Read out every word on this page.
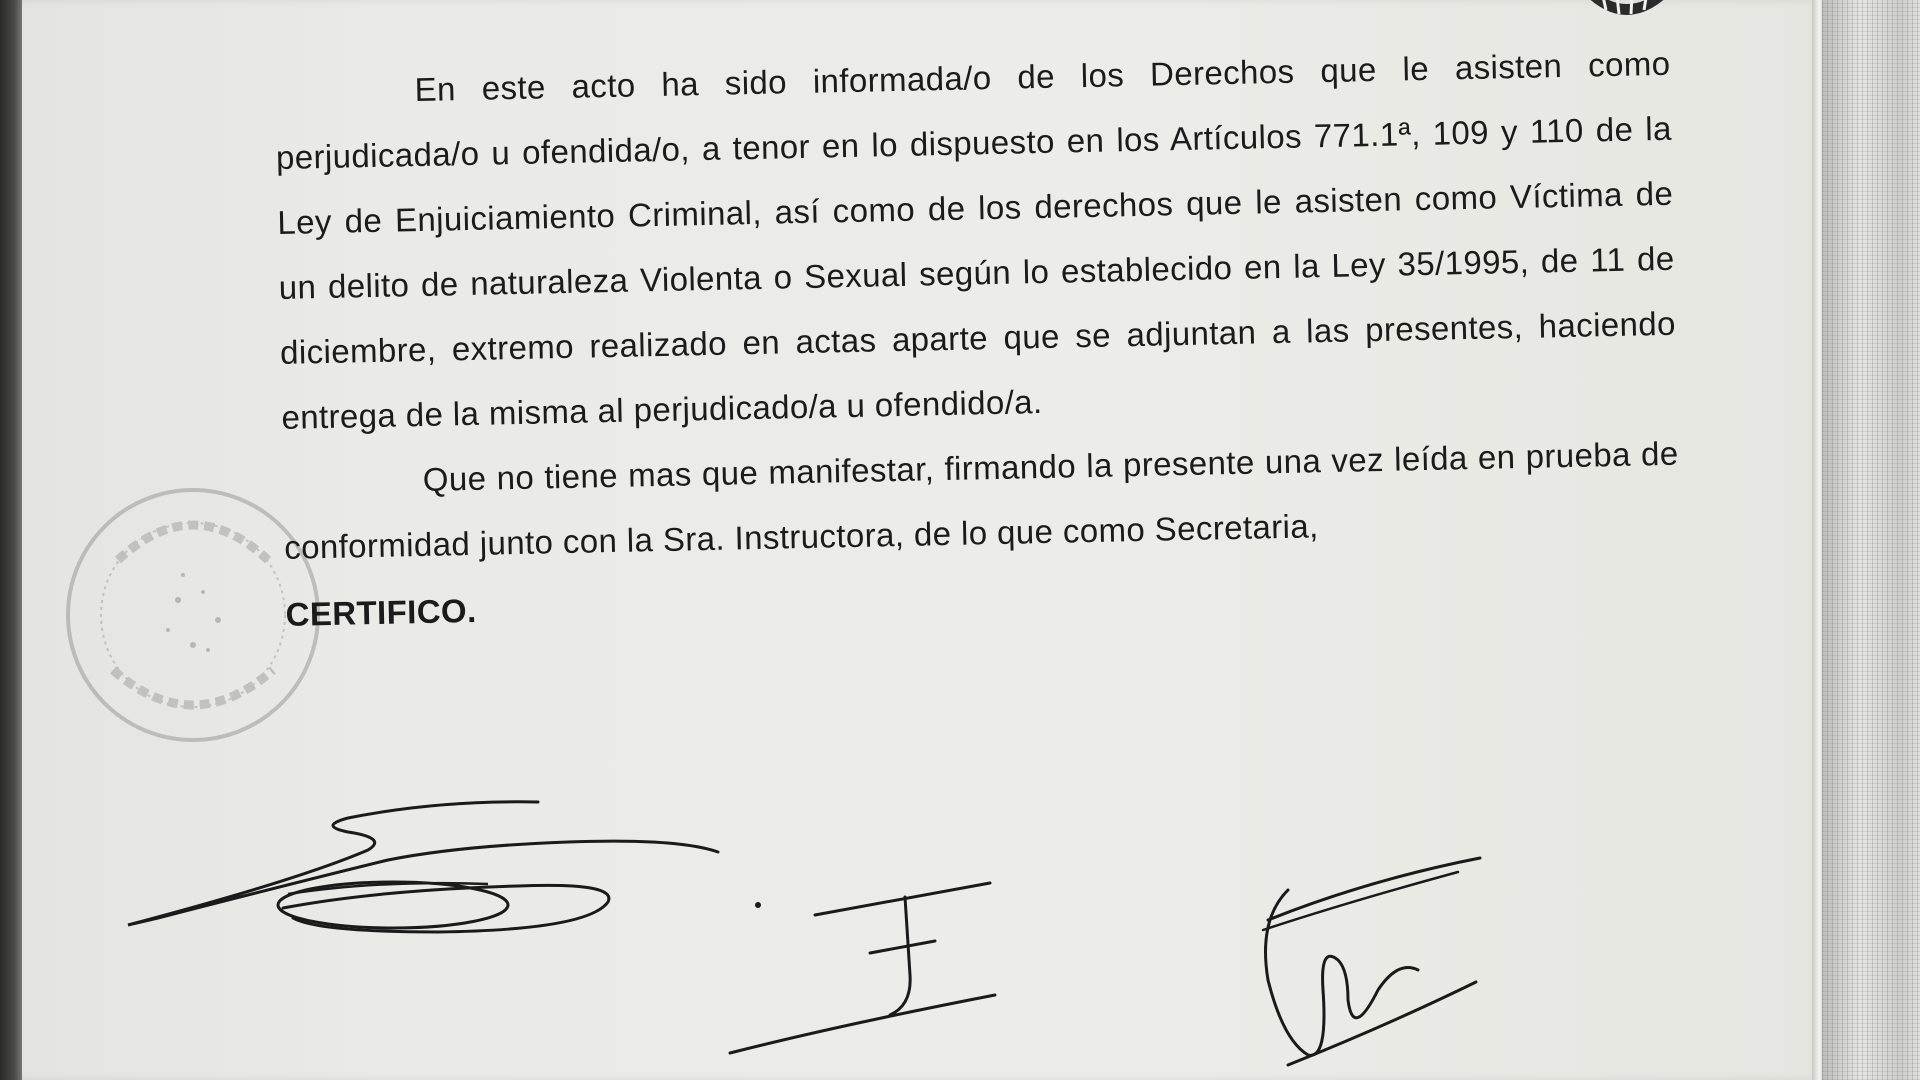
En este acto ha sido informada/o de los Derechos que le asisten como perjudicada/o u ofendida/o, a tenor en lo dispuesto en los Artículos 771.1ª, 109 y 110 de la Ley de Enjuiciamiento Criminal, así como de los derechos que le asisten como Víctima de un delito de naturaleza Violenta o Sexual según lo establecido en la Ley 35/1995, de 11 de diciembre, extremo realizado en actas aparte que se adjuntan a las presentes, haciendo entrega de la misma al perjudicado/a u ofendido/a.

Que no tiene mas que manifestar, firmando la presente una vez leída en prueba de conformidad junto con la Sra. Instructora, de lo que como Secretaria,

CERTIFICO.
